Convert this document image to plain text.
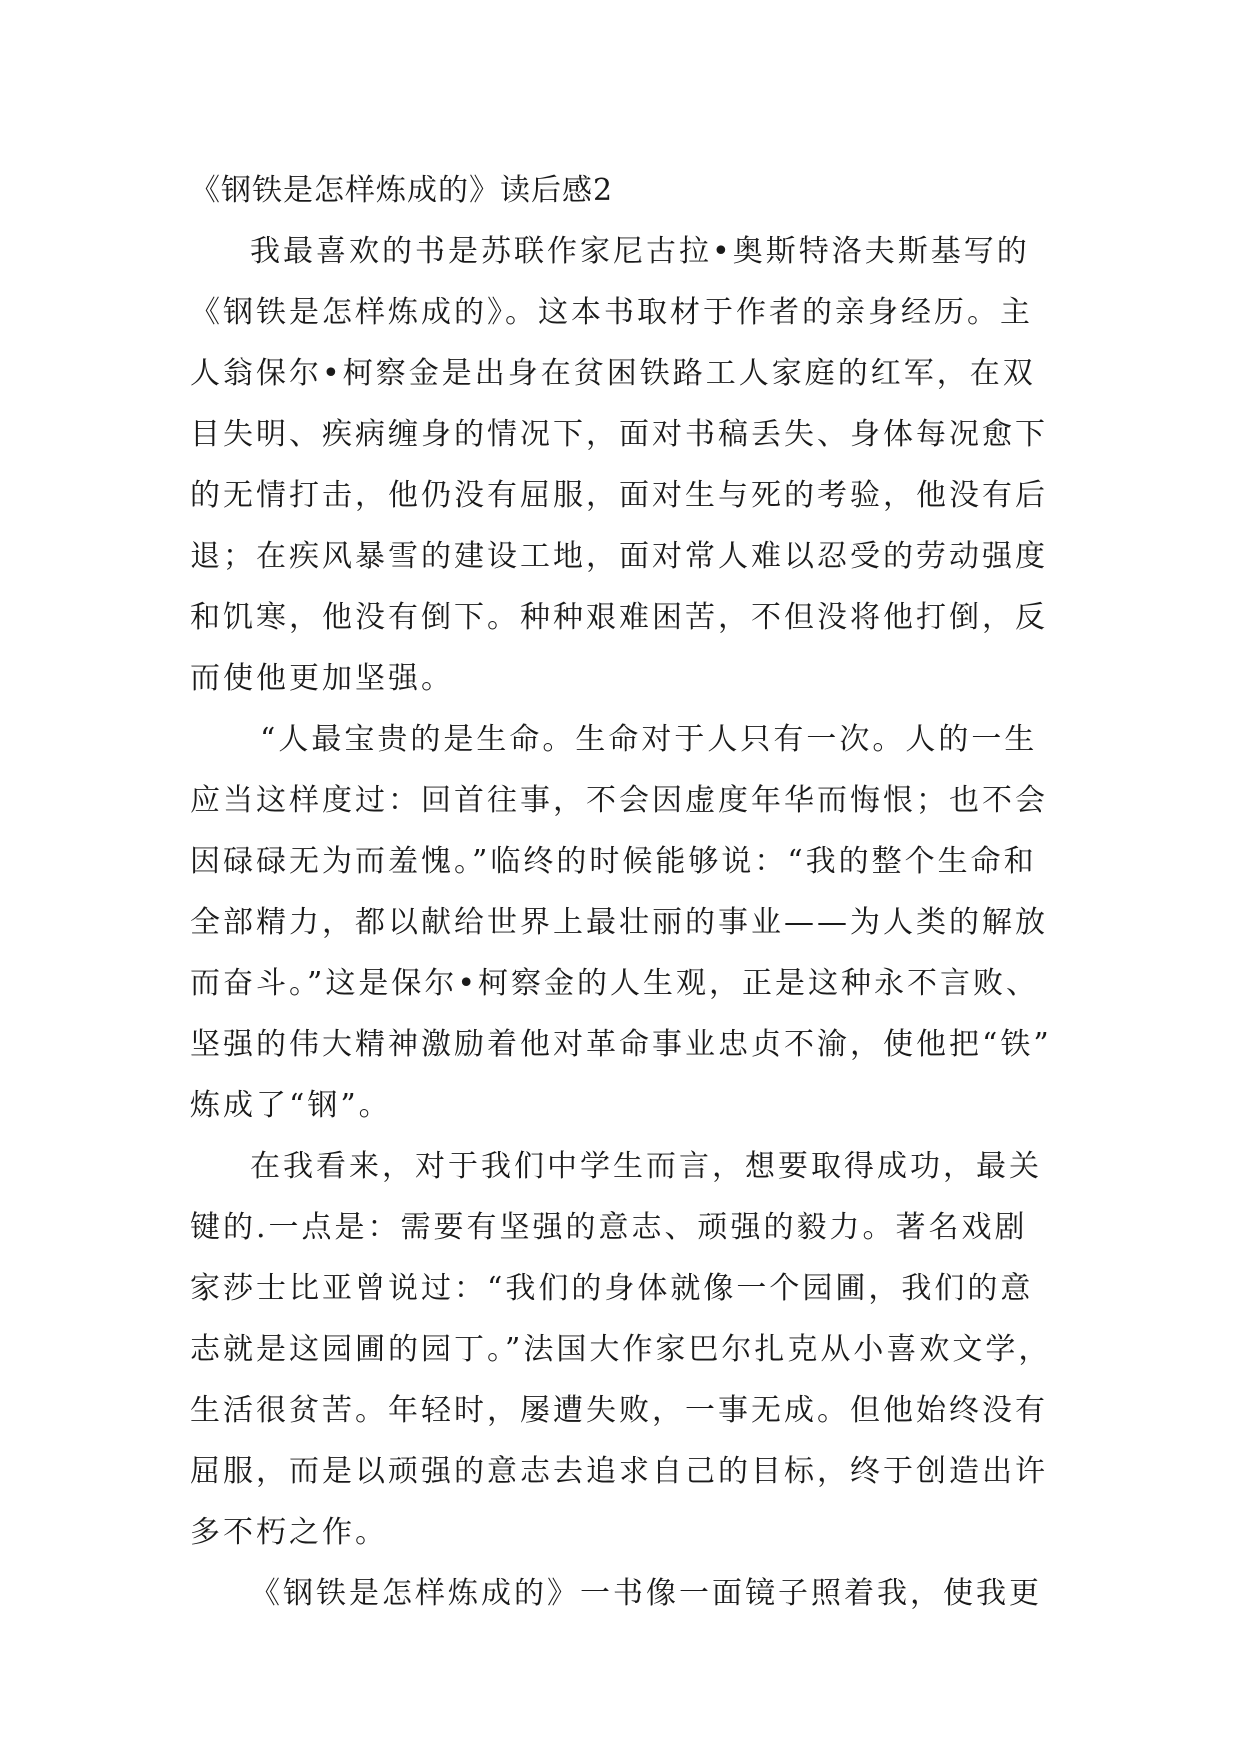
《钢铁是怎样炼成的》读后感2
我最喜欢的书是苏联作家尼古拉•奥斯特洛夫斯基写的
《钢铁是怎样炼成的》。这本书取材于作者的亲身经历。主
人翁保尔•柯察金是出身在贫困铁路工人家庭的红军，在双
目失明、疾病缠身的情况下，面对书稿丢失、身体每况愈下
的无情打击，他仍没有屈服，面对生与死的考验，他没有后
退；在疾风暴雪的建设工地，面对常人难以忍受的劳动强度
和饥寒，他没有倒下。种种艰难困苦，不但没将他打倒，反
而使他更加坚强。
“人最宝贵的是生命。生命对于人只有一次。人的一生
应当这样度过：回首往事，不会因虚度年华而悔恨；也不会
因碌碌无为而羞愧。”临终的时候能够说：“我的整个生命和
全部精力，都以献给世界上最壮丽的事业——为人类的解放
而奋斗。”这是保尔•柯察金的人生观，正是这种永不言败、
坚强的伟大精神激励着他对革命事业忠贞不渝，使他把“铁”
炼成了“钢”。
在我看来，对于我们中学生而言，想要取得成功，最关
键的.一点是：需要有坚强的意志、顽强的毅力。著名戏剧
家莎士比亚曾说过：“我们的身体就像一个园圃，我们的意
志就是这园圃的园丁。”法国大作家巴尔扎克从小喜欢文学，
生活很贫苦。年轻时，屡遭失败，一事无成。但他始终没有
屈服，而是以顽强的意志去追求自己的目标，终于创造出许
多不朽之作。
《钢铁是怎样炼成的》一书像一面镜子照着我，使我更
